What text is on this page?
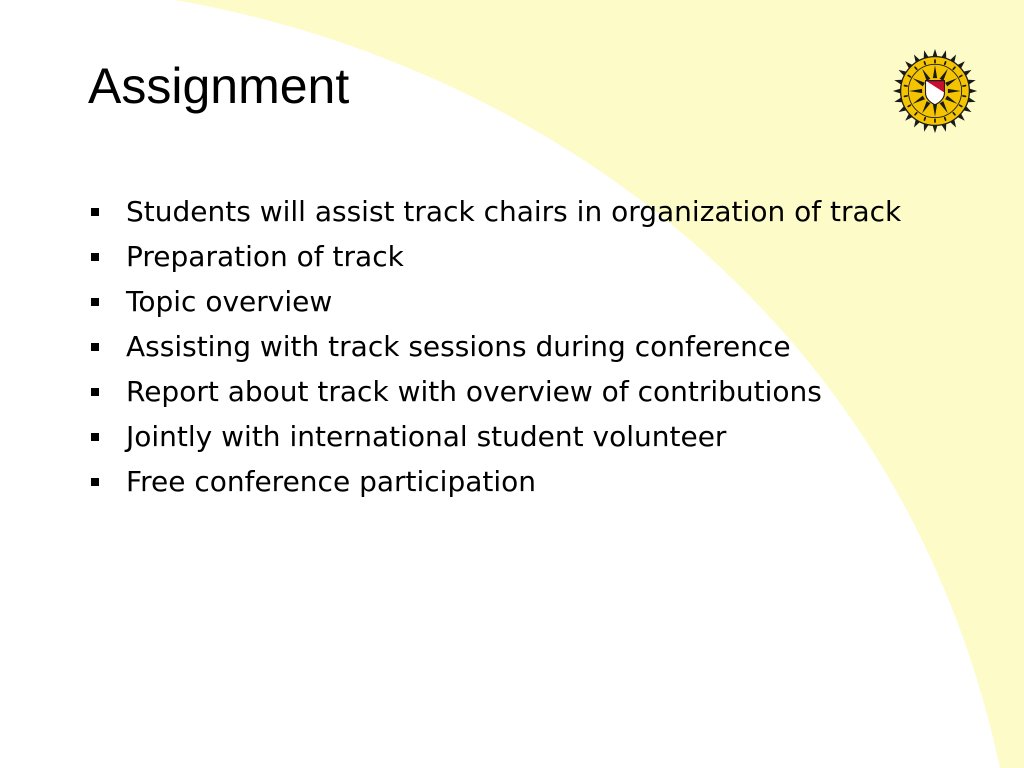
Assignment
Students will assist track chairs in organization of track
Preparation of track
Topic overview
Assisting with track sessions during conference
Report about track with overview of contributions
Jointly with international student volunteer
Free conference participation
